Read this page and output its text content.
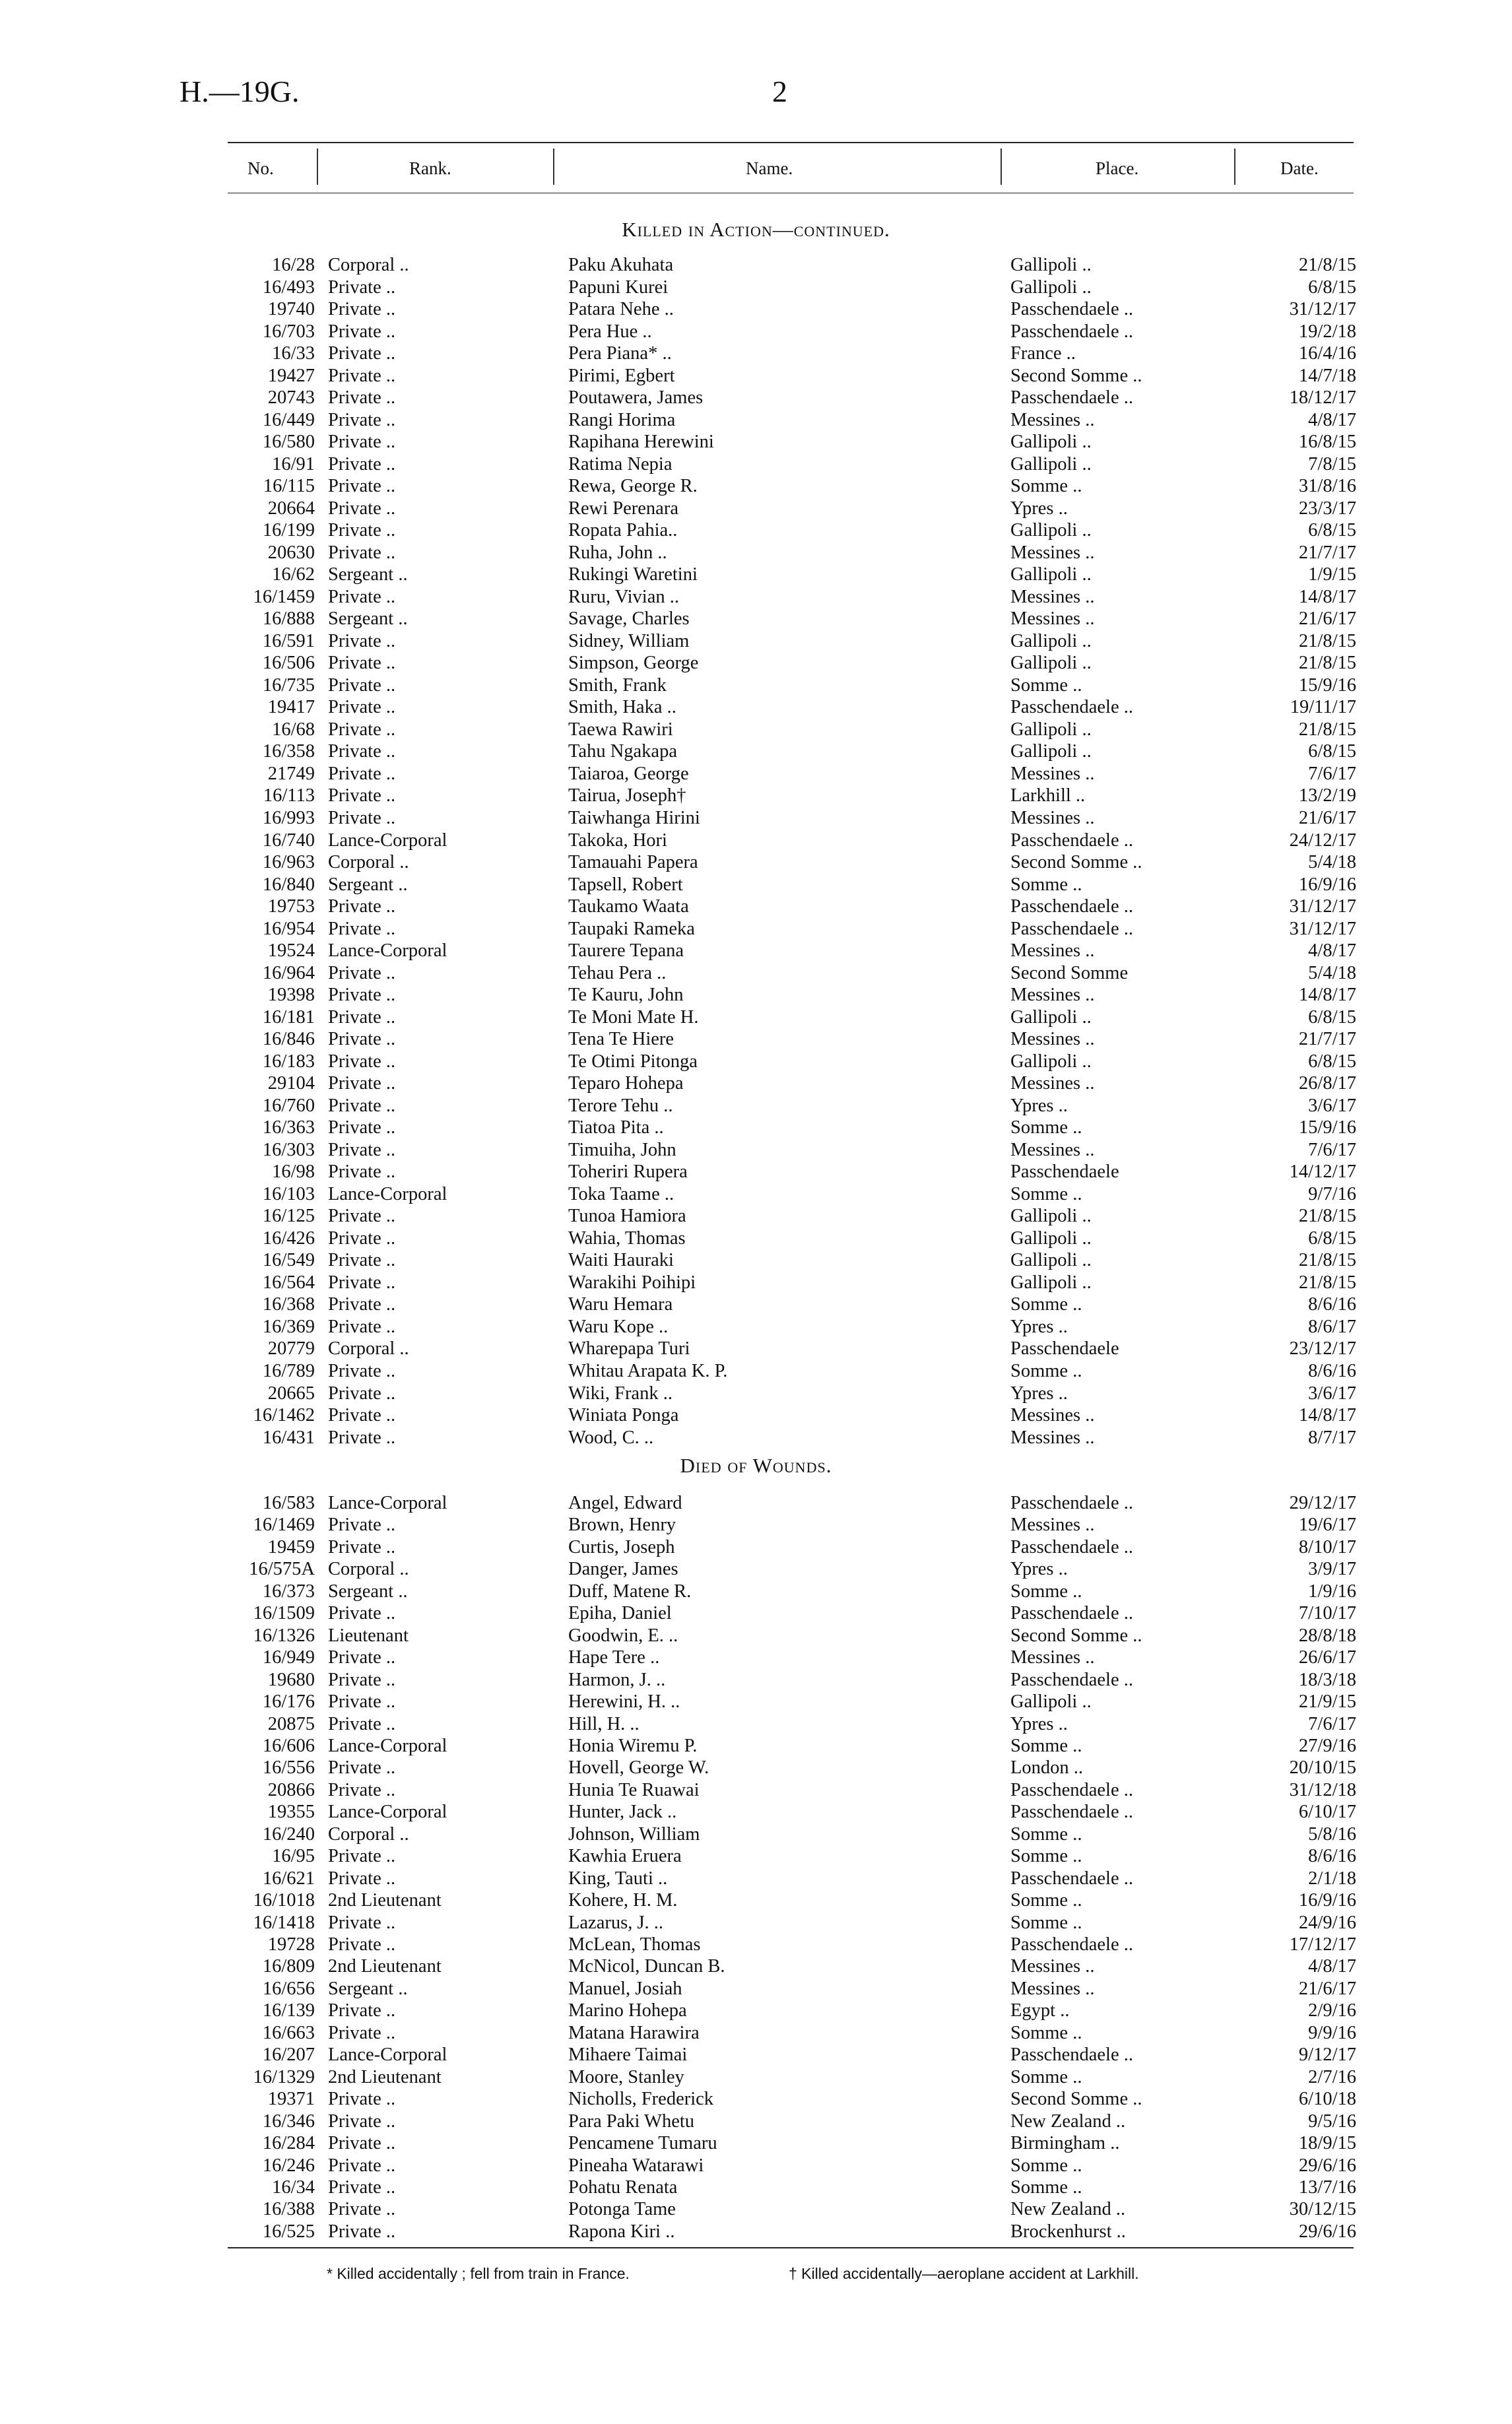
H.—19G.	2
No.	Rank.	Name.	Place.	Date.
Killed in Action—continued.
16/28 Corporal ..	Paku Akuhata	Gallipoli ..	21/8/15
16/493 Private ..	Papuni Kurei	Gallipoli ..	6/8/15
19740 Private ..	Patara Nehe ..	Passchendaele ..	31/12/17
16/703 Private ..	Pera Hue ..	Passchendaele ..	19/2/18
16/33 Private ..	Pera Piana* ..	France ..	16/4/16
19427 Private ..	Pirimi, Egbert	Second Somme ..	14/7/18
20743 Private ..	Poutawera, James	Passchendaele ..	18/12/17
16/449 Private ..	Rangi Horima	Messines ..	4/8/17
16/580 Private ..	Rapihana Herewini	Gallipoli ..	16/8/15
16/91 Private ..	Ratima Nepia	Gallipoli ..	7/8/15
16/115 Private ..	Rewa, George R.	Somme ..	31/8/16
20664 Private ..	Rewi Perenara	Ypres ..	23/3/17
16/199 Private ..	Ropata Pahia..	Gallipoli ..	6/8/15
20630 Private ..	Ruha, John ..	Messines ..	21/7/17
16/62 Sergeant ..	Rukingi Waretini	Gallipoli ..	1/9/15
16/1459 Private ..	Ruru, Vivian ..	Messines ..	14/8/17
16/888 Sergeant ..	Savage, Charles	Messines ..	21/6/17
16/591 Private ..	Sidney, William	Gallipoli ..	21/8/15
16/506 Private ..	Simpson, George	Gallipoli ..	21/8/15
16/735 Private ..	Smith, Frank	Somme ..	15/9/16
19417 Private ..	Smith, Haka ..	Passchendaele ..	19/11/17
16/68 Private ..	Taewa Rawiri	Gallipoli ..	21/8/15
16/358 Private ..	Tahu Ngakapa	Gallipoli ..	6/8/15
21749 Private ..	Taiaroa, George	Messines ..	7/6/17
16/113 Private ..	Tairua, Joseph†	Larkhill ..	13/2/19
16/993 Private ..	Taiwhanga Hirini	Messines ..	21/6/17
16/740 Lance-Corporal	Takoka, Hori	Passchendaele ..	24/12/17
16/963 Corporal ..	Tamauahi Papera	Second Somme ..	5/4/18
16/840 Sergeant ..	Tapsell, Robert	Somme ..	16/9/16
19753 Private ..	Taukamo Waata	Passchendaele ..	31/12/17
16/954 Private ..	Taupaki Rameka	Passchendaele ..	31/12/17
19524 Lance-Corporal	Taurere Tepana	Messines ..	4/8/17
16/964 Private ..	Tehau Pera ..	Second Somme	5/4/18
19398 Private ..	Te Kauru, John	Messines ..	14/8/17
16/181 Private ..	Te Moni Mate H.	Gallipoli ..	6/8/15
16/846 Private ..	Tena Te Hiere	Messines ..	21/7/17
16/183 Private ..	Te Otimi Pitonga	Gallipoli ..	6/8/15
29104 Private ..	Teparo Hohepa	Messines ..	26/8/17
16/760 Private ..	Terore Tehu ..	Ypres ..	3/6/17
16/363 Private ..	Tiatoa Pita ..	Somme ..	15/9/16
16/303 Private ..	Timuiha, John	Messines ..	7/6/17
16/98 Private ..	Toheriri Rupera	Passchendaele	14/12/17
16/103 Lance-Corporal	Toka Taame ..	Somme ..	9/7/16
16/125 Private ..	Tunoa Hamiora	Gallipoli ..	21/8/15
16/426 Private ..	Wahia, Thomas	Gallipoli ..	6/8/15
16/549 Private ..	Waiti Hauraki	Gallipoli ..	21/8/15
16/564 Private ..	Warakihi Poihipi	Gallipoli ..	21/8/15
16/368 Private ..	Waru Hemara	Somme ..	8/6/16
16/369 Private ..	Waru Kope ..	Ypres ..	8/6/17
20779 Corporal ..	Wharepapa Turi	Passchendaele	23/12/17
16/789 Private ..	Whitau Arapata K. P.	Somme ..	8/6/16
20665 Private ..	Wiki, Frank ..	Ypres ..	3/6/17
16/1462 Private ..	Winiata Ponga	Messines ..	14/8/17
16/431 Private ..	Wood, C. ..	Messines ..	8/7/17
Died of Wounds.
16/583 Lance-Corporal	Angel, Edward	Passchendaele ..	29/12/17
16/1469 Private ..	Brown, Henry	Messines ..	19/6/17
19459 Private ..	Curtis, Joseph	Passchendaele ..	8/10/17
16/575A Corporal ..	Danger, James	Ypres ..	3/9/17
16/373 Sergeant ..	Duff, Matene R.	Somme ..	1/9/16
16/1509 Private ..	Epiha, Daniel	Passchendaele ..	7/10/17
16/1326 Lieutenant	Goodwin, E. ..	Second Somme ..	28/8/18
16/949 Private ..	Hape Tere ..	Messines ..	26/6/17
19680 Private ..	Harmon, J. ..	Passchendaele ..	18/3/18
16/176 Private ..	Herewini, H. ..	Gallipoli ..	21/9/15
20875 Private ..	Hill, H. ..	Ypres ..	7/6/17
16/606 Lance-Corporal	Honia Wiremu P.	Somme ..	27/9/16
16/556 Private ..	Hovell, George W.	London ..	20/10/15
20866 Private ..	Hunia Te Ruawai	Passchendaele ..	31/12/18
19355 Lance-Corporal	Hunter, Jack ..	Passchendaele ..	6/10/17
16/240 Corporal ..	Johnson, William	Somme ..	5/8/16
16/95 Private ..	Kawhia Eruera	Somme ..	8/6/16
16/621 Private ..	King, Tauti ..	Passchendaele ..	2/1/18
16/1018 2nd Lieutenant	Kohere, H. M.	Somme ..	16/9/16
16/1418 Private ..	Lazarus, J. ..	Somme ..	24/9/16
19728 Private ..	McLean, Thomas	Passchendaele ..	17/12/17
16/809 2nd Lieutenant	McNicol, Duncan B.	Messines ..	4/8/17
16/656 Sergeant ..	Manuel, Josiah	Messines ..	21/6/17
16/139 Private ..	Marino Hohepa	Egypt ..	2/9/16
16/663 Private ..	Matana Harawira	Somme ..	9/9/16
16/207 Lance-Corporal	Mihaere Taimai	Passchendaele ..	9/12/17
16/1329 2nd Lieutenant	Moore, Stanley	Somme ..	2/7/16
19371 Private ..	Nicholls, Frederick	Second Somme ..	6/10/18
16/346 Private ..	Para Paki Whetu	New Zealand ..	9/5/16
16/284 Private ..	Pencamene Tumaru	Birmingham ..	18/9/15
16/246 Private ..	Pineaha Watarawi	Somme ..	29/6/16
16/34 Private ..	Pohatu Renata	Somme ..	13/7/16
16/388 Private ..	Potonga Tame	New Zealand ..	30/12/15
16/525 Private ..	Rapona Kiri ..	Brockenhurst ..	29/6/16
* Killed accidentally ; fell from train in France.	† Killed accidentally—aeroplane accident at Larkhill.
